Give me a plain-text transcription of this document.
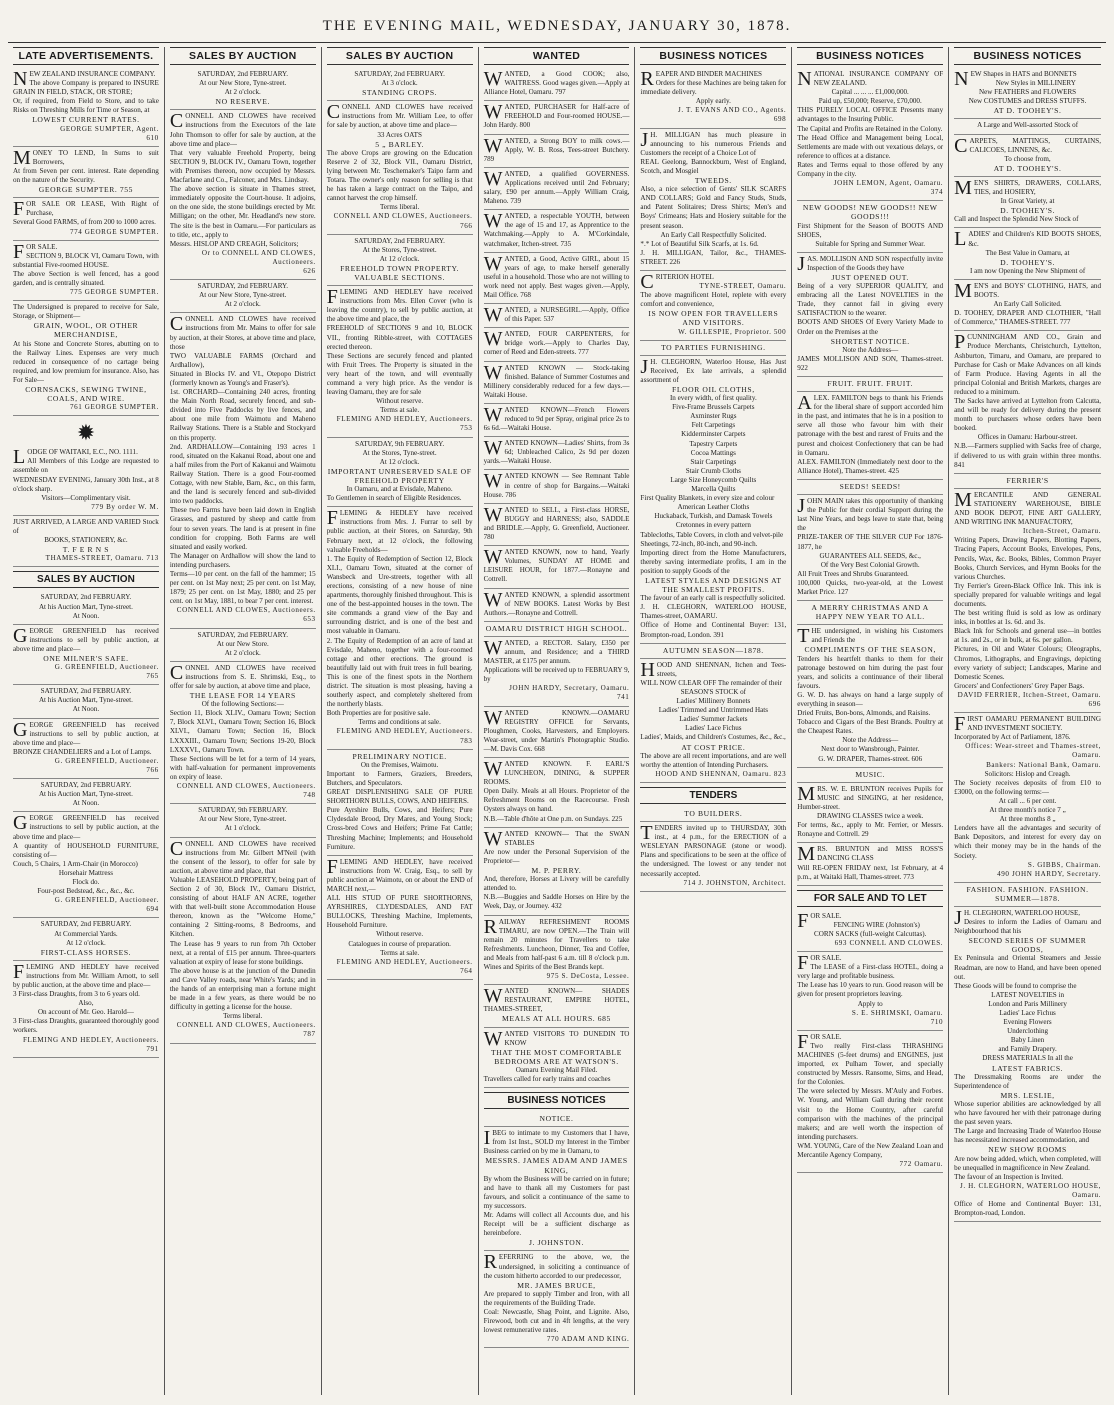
THE EVENING MAIL, WEDNESDAY, JANUARY 30, 1878.
LATE ADVERTISEMENTS.

NEW ZEALAND INSURANCE COMPANY.

The above Company is prepared to INSURE GRAIN IN FIELD, STACK, OR STORE;

Or, if required, from Field to Store, and to take Risks on Threshing Mills for Time or Season, at

LOWEST CURRENT RATES.

GEORGE SUMPTER, Agent.

610

MONEY TO LEND, In Sums to suit Borrowers,

At from Seven per cent. interest. Rate depending on the nature of the Security.

GEORGE SUMPTER. 755

FOR SALE OR LEASE, With Right of Purchase,

Several Good FARMS, of from 200 to 1000 acres.

774 GEORGE SUMPTER.

FOR SALE.

SECTION 9, BLOCK VI, Oamaru Town, with substantial Five-roomed HOUSE.

The above Section is well fenced, has a good garden, and is centrally situated.

775 GEORGE SUMPTER.

The Undersigned is prepared to receive for Sale, Storage, or Shipment—

GRAIN, WOOL, OR OTHER MERCHANDISE,

At his Stone and Concrete Stores, abutting on to the Railway Lines. Expenses are very much reduced in consequence of no cartage being required, and low premium for insurance. Also, has For Sale—

CORNSACKS, SEWING TWINE, COALS, AND WIRE.

761 GEORGE SUMPTER.

✹

LODGE OF WAITAKI, E.C., NO. 1111.

All Members of this Lodge are requested to assemble on

WEDNESDAY EVENING, January 30th Inst., at 8 o'clock sharp.

Visitors—Complimentary visit.

779 By order W. M.

JUST ARRIVED, A LARGE AND VARIED Stock of

BOOKS, STATIONERY, &c.

T. F E R N S

THAMES-STREET, Oamaru. 713

SALES BY AUCTION

SATURDAY, 2nd FEBRUARY.

At his Auction Mart, Tyne-street.

At Noon.

GEORGE GREENFIELD has received instructions to sell by public auction, at above time and place—

ONE MILNER'S SAFE.

G. GREENFIELD, Auctioneer.

765

SATURDAY, 2nd FEBRUARY.

At his Auction Mart, Tyne-street.

At Noon.

GEORGE GREENFIELD has received instructions to sell by public auction, at above time and place—

BRONZE CHANDELIERS and a Lot of Lamps.

G. GREENFIELD, Auctioneer.

766

SATURDAY, 2nd FEBRUARY.

At his Auction Mart, Tyne-street.

At Noon.

GEORGE GREENFIELD has received instructions to sell by public auction, at the above time and place—

A quantity of HOUSEHOLD FURNITURE, consisting of—

Couch, 5 Chairs, 1 Arm-Chair (in Morocco)

Horsehair Mattress

Flock do.

Four-post Bedstead, &c., &c., &c.

G. GREENFIELD, Auctioneer.

694

SATURDAY, 2nd FEBRUARY.

At Commercial Yards.

At 12 o'clock.

FIRST-CLASS HORSES.

FLEMING AND HEDLEY have received instructions from Mr. William Arnott, to sell by public auction, at the above time and place—

3 First-class Draughts, from 3 to 6 years old.

Also,

On account of Mr. Geo. Harold—

3 First-class Draughts, guaranteed thoroughly good workers.

FLEMING AND HEDLEY, Auctioneers.

791

SALES BY AUCTION

SATURDAY, 2nd FEBRUARY.

At our New Store, Tyne-street.

At 2 o'clock.

NO RESERVE.

CONNELL AND CLOWES have received instructions from the Executors of the late John Thomson to offer for sale by auction, at the above time and place—

That very valuable Freehold Property, being SECTION 9, BLOCK IV., Oamaru Town, together with Premises thereon, now occupied by Messrs. Macfarlane and Co., Falconer, and Mrs. Lindsay.

The above section is situate in Thames street, immediately opposite the Court-house. It adjoins, on the one side, the stone buildings erected by Mr. Milligan; on the other, Mr. Headland's new store. The site is the best in Oamaru.—For particulars as to title, etc., apply to

Messrs. HISLOP AND CREAGH, Solicitors;

Or to CONNELL AND CLOWES, Auctioneers.

626

SATURDAY, 2nd FEBRUARY.

At our New Store, Tyne-street.

At 2 o'clock.

CONNELL AND CLOWES have received instructions from Mr. Mains to offer for sale by auction, at their Stores, at above time and place, those

TWO VALUABLE FARMS (Orchard and Ardhallow),

Situated in Blocks IV. and VI., Otepopo District (formerly known as Young's and Fraser's).

1st. ORCHARD—Containing 240 acres, fronting the Main North Road, securely fenced, and sub-divided into Five Paddocks by live fences, and about one mile from Waimotu and Maheno Railway Stations. There is a Stable and Stockyard on this property.

2nd. ARDHALLOW—Containing 193 acres 1 rood, situated on the Kakanui Road, about one and a half miles from the Port of Kakanui and Waimotu Railway Station. There is a good Four-roomed Cottage, with new Stable, Barn, &c., on this farm, and the land is securely fenced and sub-divided into two paddocks.

These two Farms have been laid down in English Grasses, and pastured by sheep and cattle from four to seven years. The land is at present in fine condition for cropping. Both Farms are well situated and easily worked.

The Manager on Ardhallow will show the land to intending purchasers.

Terms—10 per cent. on the fall of the hammer; 15 per cent. on 1st May next; 25 per cent. on 1st May, 1879; 25 per cent. on 1st May, 1880; and 25 per cent. on 1st May, 1881, to bear 7 per cent. interest.

CONNELL AND CLOWES, Auctioneers.

653

SATURDAY, 2nd FEBRUARY.

At our New Store.

At 2 o'clock.

CONNEL AND CLOWES have received instructions from S. E. Shrimski, Esq., to offer for sale by auction, at above time and place,

THE LEASE FOR 14 YEARS

Of the following Sections:—

Section 11, Block XLIV., Oamaru Town; Section 7, Block XLVI., Oamaru Town; Section 16, Block XLVI., Oamaru Town; Section 16, Block LXXXIII., Oamaru Town; Sections 19-20, Block LXXXVI., Oamaru Town.

These Sections will be let for a term of 14 years, with half-valuation for permanent improvements on expiry of lease.

CONNELL AND CLOWES, Auctioneers.

748

SATURDAY, 9th FEBRUARY.

At our New Store, Tyne-street.

At 1 o'clock.

CONNELL AND CLOWES have received instructions from Mr. Gilbert M'Neil (with the consent of the lessor), to offer for sale by auction, at above time and place, that

Valuable LEASEHOLD PROPERTY, being part of Section 2 of 30, Block IV., Oamaru District, consisting of about HALF AN ACRE, together with that well-built stone Accommodation House thereon, known as the "Welcome Home," containing 2 Sitting-rooms, 8 Bedrooms, and Kitchen.

The Lease has 9 years to run from 7th October next, at a rental of £15 per annum. Three-quarters valuation at expiry of lease for stone buildings.

The above house is at the junction of the Dunedin and Cave Valley roads, near White's Yards; and in the hands of an enterprising man a fortune might be made in a few years, as there would be no difficulty in getting a license for the house.

Terms liberal.

CONNELL AND CLOWES, Auctioneers.

787

SALES BY AUCTION

SATURDAY, 2nd FEBRUARY.

At 3 o'clock.

STANDING CROPS.

CONNELL AND CLOWES have received instructions from Mr. William Lee, to offer for sale by auction, at above time and place—

33 Acres OATS

5 „ BARLEY.

The above Crops are growing on the Education Reserve 2 of 32, Block VII., Oamaru District, lying between Mr. Teschemaker's Taipo farm and Totara. The owner's only reason for selling is that he has taken a large contract on the Taipo, and cannot harvest the crop himself.

Terms liberal.

CONNELL AND CLOWES, Auctioneers.

766

SATURDAY, 2nd FEBRUARY.

At the Stores, Tyne-street.

At 12 o'clock.

FREEHOLD TOWN PROPERTY.

VALUABLE SECTIONS.

FLEMING AND HEDLEY have received instructions from Mrs. Ellen Cover (who is leaving the country), to sell by public auction, at the above time and place, the

FREEHOLD of SECTIONS 9 and 10, BLOCK VII., fronting Ribble-street, with COTTAGES erected thereon.

These Sections are securely fenced and planted with Fruit Trees. The Property is situated in the very heart of the town, and will eventually command a very high price. As the vendor is leaving Oamaru, they are for sale

Without reserve.

Terms at sale.

FLEMING AND HEDLEY, Auctioneers.

753

SATURDAY, 9th FEBRUARY.

At the Stores, Tyne-street.

At 12 o'clock.

IMPORTANT UNRESERVED SALE OF FREEHOLD PROPERTY

In Oamaru, and at Evisdale, Maheno.

To Gentlemen in search of Eligible Residences.

FLEMING & HEDLEY have received instructions from Mrs. J. Furrar to sell by public auction, at their Stores, on Saturday, 9th February next, at 12 o'clock, the following valuable Freeholds—

1. The Equity of Redemption of Section 12, Block XLI., Oamaru Town, situated at the corner of Wansbeck and Ure-streets, together with all erections, consisting of a new house of nine apartments, thoroughly finished throughout. This is one of the best-appointed houses in the town. The site commands a grand view of the Bay and surrounding district, and is one of the best and most valuable in Oamaru.

2. The Equity of Redemption of an acre of land at Evisdale, Maheno, together with a four-roomed cottage and other erections. The ground is beautifully laid out with fruit trees in full bearing. This is one of the finest spots in the Northern district. The situation is most pleasing, having a southerly aspect, and completely sheltered from the northerly blasts.

Both Properties are for positive sale.

Terms and conditions at sale.

FLEMING AND HEDLEY, Auctioneers.

783

PRELIMINARY NOTICE.

On the Premises, Waimotu.

Important to Farmers, Graziers, Breeders, Butchers, and Speculators.

GREAT DISPLENISHING SALE OF PURE SHORTHORN BULLS, COWS, AND HEIFERS.

Pure Ayrshire Bulls, Cows, and Heifers; Pure Clydesdale Brood, Dry Mares, and Young Stock; Cross-bred Cows and Heifers; Prime Fat Cattle; Threshing Machine; Implements; and Household Furniture.

FLEMING AND HEDLEY, have received instructions from W. Craig, Esq., to sell by public auction at Waimotu, on or about the END of MARCH next,—

ALL HIS STUD OF PURE SHORTHORNS, AYRSHIRES, CLYDESDALES, AND FAT BULLOCKS, Threshing Machine, Implements, Household Furniture.

Without reserve.

Catalogues in course of preparation.

Terms at sale.

FLEMING AND HEDLEY, Auctioneers.

764

WANTED

WANTED, a Good COOK; also, WAITRESS. Good wages given.—Apply at Alliance Hotel, Oamaru. 797

WANTED, PURCHASER for Half-acre of FREEHOLD and Four-roomed HOUSE.—John Hardy. 800

WANTED, a Strong BOY to milk cows.—Apply, W. B. Ross, Tees-street Butchery. 789

WANTED, a qualified GOVERNESS. Applications received until 2nd February; salary, £90 per annum.—Apply William Craig, Maheno. 739

WANTED, a respectable YOUTH, between the age of 15 and 17, as Apprentice to the Watchmaking.—Apply to A. M'Corkindale, watchmaker, Itchen-street. 735

WANTED, a Good, Active GIRL, about 15 years of age, to make herself generally useful in a household. Those who are not willing to work need not apply. Best wages given.—Apply, Mail Office. 768

WANTED, a NURSEGIRL.—Apply, Office of this Paper. 537

WANTED, FOUR CARPENTERS, for bridge work.—Apply to Charles Day, corner of Reed and Eden-streets. 777

WANTED KNOWN — Stock-taking finished. Balance of Summer Costumes and Millinery considerably reduced for a few days.—Waitaki House.

WANTED KNOWN—French Flowers reduced to 9d per Spray, original price 2s to 6s 6d.—Waitaki House.

WANTED KNOWN—Ladies' Shirts, from 3s 6d; Unbleached Calico, 2s 9d per dozen yards.—Waitaki House.

WANTED KNOWN — See Remnant Table in centre of shop for Bargains.—Waitaki House. 786

WANTED to SELL, a First-class HORSE, BUGGY and HARNESS; also, SADDLE and BRIDLE.—Apply, G. Greenfield, Auctioneer. 780

WANTED KNOWN, now to hand, Yearly Volumes, SUNDAY AT HOME and LEISURE HOUR, for 1877.—Ronayne and Cottrell.

WANTED KNOWN, a splendid assortment of NEW BOOKS. Latest Works by Best Authors.—Ronayne and Cottrell.

OAMARU DISTRICT HIGH SCHOOL.

WANTED, a RECTOR. Salary, £350 per annum, and Residence; and a THIRD MASTER, at £175 per annum.

Applications will be received up to FEBRUARY 9, by

JOHN HARDY, Secretary, Oamaru.

741

WANTED KNOWN.—OAMARU REGISTRY OFFICE for Servants, Ploughmen, Cooks, Harvesters, and Employers. Wear-street, under Martin's Photographic Studio.—M. Davis Cox. 668

WANTED KNOWN. F. EARL'S LUNCHEON, DINING, & SUPPER ROOMS.

Open Daily. Meals at all Hours. Proprietor of the Refreshment Rooms on the Racecourse. Fresh Oysters always on hand.

N.B.—Table d'hôte at One p.m. on Sundays. 225

WANTED KNOWN— That the SWAN STABLES

Are now under the Personal Supervision of the Proprietor—

M. P. PERRY.

And, therefore, Horses at Livery will be carefully attended to.

N.B.—Buggies and Saddle Horses on Hire by the Week, Day, or Journey. 432

RAILWAY REFRESHMENT ROOMS TIMARU, are now OPEN.—The Train will remain 20 minutes for Travellers to take Refreshments. Luncheon, Dinner, Tea and Coffee, and Meals from half-past 6 a.m. till 8 o'clock p.m. Wines and Spirits of the Best Brands kept.

975 S. DeCosta, Lessee.

WANTED KNOWN— SHADES RESTAURANT, EMPIRE HOTEL, THAMES-STREET,

MEALS AT ALL HOURS. 685

WANTED VISITORS TO DUNEDIN TO KNOW

THAT THE MOST COMFORTABLE BEDROOMS ARE AT WATSON'S.

Oamaru Evening Mail Filed.

Travellers called for early trains and coaches

BUSINESS NOTICES

NOTICE.

IBEG to intimate to my Customers that I have, from 1st Inst., SOLD my Interest in the Timber Business carried on by me in Oamaru, to

MESSRS. JAMES ADAM AND JAMES KING,

By whom the Business will be carried on in future; and have to thank all my Customers for past favours, and solicit a continuance of the same to my successors.

Mr. Adams will collect all Accounts due, and his Receipt will be a sufficient discharge as hereinbefore.

J. JOHNSTON.

REFERRING to the above, we, the undersigned, in soliciting a continuance of the custom hitherto accorded to our predecessor,

MR. JAMES BRUCE,

Are prepared to supply Timber and Iron, with all the requirements of the Building Trade.

Coal: Newcastle, Shag Point, and Lignite. Also, Firewood, both cut and in 4ft lengths, at the very lowest remunerative rates.

770 ADAM AND KING.

BUSINESS NOTICES

REAPER AND BINDER MACHINES

Orders for these Machines are being taken for immediate delivery.

Apply early.

J. T. EVANS AND CO., Agents.

698

J H. MILLIGAN has much pleasure in announcing to his numerous Friends and Customers the receipt of a Choice Lot of

REAL Geelong, Bannockburn, West of England, Scotch, and Mosgiel

TWEEDS.

Also, a nice selection of Gents' SILK SCARFS AND COLLARS; Gold and Fancy Studs, Studs, and Patent Solitaires; Dress Shirts; Men's and Boys' Crimeans; Hats and Hosiery suitable for the present season.

An Early Call Respectfully Solicited.

*.* Lot of Beautiful Silk Scarfs, at 1s. 6d.

J. H. MILLIGAN, Tailor, &c., THAMES-STREET. 226

CRITERION HOTEL

TYNE-STREET, Oamaru.

The above magnificent Hotel, replete with every comfort and convenience,

IS NOW OPEN FOR TRAVELLERS AND VISITORS.

W. GILLESPIE, Proprietor. 500

TO PARTIES FURNISHING.

J H. CLEGHORN, Waterloo House, Has Just Received, Ex late arrivals, a splendid assortment of

FLOOR OIL CLOTHS,

In every width, of first quality.

Five-Frame Brussels Carpets

Axminster Rugs

Felt Carpetings

Kidderminster Carpets

Tapestry Carpets

Cocoa Mattings

Stair Carpetings

Stair Crumb Cloths

Large Size Honeycomb Quilts

Marcella Quilts

First Quality Blankets, in every size and colour

American Leather Cloths

Huckaback, Turkish, and Damask Towels

Cretonnes in every pattern

Tablecloths, Table Covers, in cloth and velvet-pile

Sheetings, 72-inch, 80-inch, and 90-inch.

Importing direct from the Home Manufacturers, thereby saving intermediate profits, I am in the position to supply Goods of the

LATEST STYLES AND DESIGNS AT THE SMALLEST PROFITS.

The favour of an early call is respectfully solicited.

J. H. CLEGHORN, WATERLOO HOUSE, Thames-street, OAMARU.

Office of Home and Continental Buyer: 131, Brompton-road, London. 391

AUTUMN SEASON—1878.

HOOD AND SHENNAN, Itchen and Tees-streets,

WILL NOW CLEAR OFF The remainder of their

SEASON'S STOCK of

Ladies' Millinery Bonnets

Ladies' Trimmed and Untrimmed Hats

Ladies' Summer Jackets

Ladies' Lace Fichus

Ladies', Maids, and Children's Costumes, &c., &c.,

AT COST PRICE.

The above are all recent importations, and are well worthy the attention of Intending Purchasers.

HOOD AND SHENNAN, Oamaru. 823

TENDERS

TO BUILDERS.

TENDERS invited up to THURSDAY, 30th inst., at 4 p.m., for the ERECTION of a WESLEYAN PARSONAGE (stone or wood). Plans and specifications to be seen at the office of the undersigned. The lowest or any tender not necessarily accepted.

714 J. JOHNSTON, Architect.

BUSINESS NOTICES

NATIONAL INSURANCE COMPANY OF NEW ZEALAND.

Capital ... ... ... £1,000,000.

Paid up, £50,000; Reserve, £70,000.

THIS PURELY LOCAL OFFICE Presents many advantages to the Insuring Public.

The Capital and Profits are Retained in the Colony.

The Head Office and Management being Local, Settlements are made with out vexatious delays, or reference to offices at a distance.

Rates and Terms equal to those offered by any Company in the city.

JOHN LEMON, Agent, Oamaru.

374

NEW GOODS! NEW GOODS!! NEW GOODS!!!

First Shipment for the Season of BOOTS AND SHOES,

Suitable for Spring and Summer Wear.

JAS. MOLLISON AND SON respectfully invite Inspection of the Goods they have

JUST OPENED OUT.

Being of a very SUPERIOR QUALITY, and embracing all the Latest NOVELTIES in the Trade, they cannot fail in giving every SATISFACTION to the wearer.

BOOTS AND SHOES Of Every Variety Made to Order on the Premises at the

SHORTEST NOTICE.

Note the Address—

JAMES MOLLISON AND SON, Thames-street. 922

FRUIT. FRUIT. FRUIT.

ALEX. FAMILTON begs to thank his Friends for the liberal share of support accorded him in the past, and intimates that he is in a position to serve all those who favour him with their patronage with the best and rarest of Fruits and the purest and choicest Confectionery that can be had in Oamaru.

ALEX. FAMILTON (Immediately next door to the Alliance Hotel), Thames-street. 425

SEEDS! SEEDS!

JOHN MAIN takes this opportunity of thanking the Public for their cordial Support during the last Nine Years, and begs leave to state that, being the

PRIZE-TAKER OF THE SILVER CUP For 1876-1877, he

GUARANTEES ALL SEEDS, &c.,

Of the Very Best Colonial Growth.

All Fruit Trees and Shrubs Guaranteed.

100,000 Quicks, two-year-old, at the Lowest Market Price. 127

A MERRY CHRISTMAS AND A HAPPY NEW YEAR TO ALL.

THE undersigned, in wishing his Customers and Friends the

COMPLIMENTS OF THE SEASON,

Tenders his heartfelt thanks to them for their patronage bestowed on him during the past four years, and solicits a continuance of their liberal favours.

G. W. D. has always on hand a large supply of everything in season—

Dried Fruits, Bon-bons, Almonds, and Raisins.

Tobacco and Cigars of the Best Brands. Poultry at the Cheapest Rates.

Note the Address—

Next door to Wansbrough, Painter.

G. W. DRAPER, Thames-street. 606

MUSIC.

MRS. W. E. BRUNTON receives Pupils for MUSIC and SINGING, at her residence, Humber-street.

DRAWING CLASSES twice a week.

For terms, &c., apply to Mr. Ferrier, or Messrs. Ronayne and Cottrell. 29

MRS. BRUNTON and MISS ROSS'S DANCING CLASS

Will RE-OPEN FRIDAY next, 1st February, at 4 p.m., at Waitaki Hall, Thames-street. 773

FOR SALE AND TO LET

FOR SALE.

FENCING WIRE (Johnston's)

CORN SACKS (full-weight Calcuttas).

693 CONNELL AND CLOWES.

FOR SALE.

The LEASE of a First-class HOTEL, doing a very large and profitable business.

The Lease has 10 years to run. Good reason will be given for present proprietors leaving.

Apply to

S. E. SHRIMSKI, Oamaru.

710

FOR SALE.

Two really First-class THRASHING MACHINES (5-feet drums) and ENGINES, just imported, ex Pulham Tower, and specially constructed by Messrs. Ransome, Sims, and Head, for the Colonies.

The were selected by Messrs. M'Auly and Forbes. W. Young, and William Gall during their recent visit to the Home Country, after careful comparison with the machines of the principal makers; and are well worth the inspection of intending purchasers.

WM. YOUNG, Care of the New Zealand Loan and Mercantile Agency Company,

772 Oamaru.

BUSINESS NOTICES

NEW Shapes in HATS and BONNETS

New Styles in MILLINERY

New FEATHERS and FLOWERS

New COSTUMES and DRESS STUFFS.

AT D. TOOHEY'S.

A Large and Well-assorted Stock of

CARPETS, MATTINGS, CURTAINS, CALICOES, LINNENS, &c.

To choose from,

AT D. TOOHEY'S.

MEN'S SHIRTS, DRAWERS, COLLARS, TIES, and HOSIERY,

In Great Variety, at

D. TOOHEY'S.

Call and Inspect the Splendid New Stock of

LADIES' and Children's KID BOOTS SHOES, &c.

The Best Value in Oamaru, at

D. TOOHEY'S.

I am now Opening the New Shipment of

MEN'S and BOYS' CLOTHING, HATS, and BOOTS.

An Early Call Solicited.

D. TOOHEY, DRAPER AND CLOTHIER, "Hall of Commerce," THAMES-STREET. 777

PCUNNINGHAM AND CO., Grain and Produce Merchants, Christchurch, Lyttelton, Ashburton, Timaru, and Oamaru, are prepared to Purchase for Cash or Make Advances on all kinds of Farm Produce. Having Agents in all the principal Colonial and British Markets, charges are reduced to a minimum.

The Sacks have arrived at Lyttelton from Calcutta, and will be ready for delivery during the present month to purchasers whose orders have been booked.

Offices in Oamaru: Harbour-street.

N.B.—Farmers supplied with Sacks free of charge, if delivered to us with grain within three months. 841

FERRIER'S

MERCANTILE AND GENERAL STATIONERY WAREHOUSE, BIBLE AND BOOK DEPOT, FINE ART GALLERY, AND WRITING INK MANUFACTORY,

Itchen-Street, Oamaru.

Writing Papers, Drawing Papers, Blotting Papers, Tracing Papers, Account Books, Envelopes, Pens, Pencils, Wax, &c. Books, Bibles, Common Prayer Books, Church Services, and Hymn Books for the various Churches.

Try Ferrier's Green-Black Office Ink. This ink is specially prepared for valuable writings and legal documents.

The best writing fluid is sold as low as ordinary inks, in bottles at 1s. 6d. and 3s.

Black Ink for Schools and general use—in bottles at 1s. and 2s., or in bulk, at 6s. per gallon.

Pictures, in Oil and Water Colours; Oleographs, Chromos, Lithographs, and Engravings, depicting every variety of subject; Landscapes, Marine and Domestic Scenes.

Grocers' and Confectioners' Grey Paper Bags.

DAVID FERRIER, Itchen-Street, Oamaru. 696

FIRST OAMARU PERMANENT BUILDING AND INVESTMENT SOCIETY.

Incorporated by Act of Parliament, 1876.

Offices: Wear-street and Thames-street, Oamaru.

Bankers: National Bank, Oamaru.

Solicitors: Hislop and Creagh.

The Society receives deposits of from £10 to £3000, on the following terms:—

At call ... 6 per cent.

At three month's notice 7 „

At three months 8 „

Lenders have all the advantages and security of Bank Depositors, and interest for every day on which their money may be in the hands of the Society.

S. GIBBS, Chairman.

490 JOHN HARDY, Secretary.

FASHION. FASHION. FASHION.

SUMMER—1878.

J H. CLEGHORN, WATERLOO HOUSE,

Desires to inform the Ladies of Oamaru and Neighbourhood that his

SECOND SERIES OF SUMMER GOODS,

Ex Peninsula and Oriental Steamers and Jessie Readman, are now to Hand, and have been opened out.

These Goods will be found to comprise the

LATEST NOVELTIES in

London and Paris Millinery

Ladies' Lace Fichus

Evening Flowers

Underclothing

Baby Linen

and Family Drapery.

DRESS MATERIALS In all the

LATEST FABRICS.

The Dressmaking Rooms are under the Superintendence of

MRS. LESLIE,

Whose superior abilities are acknowledged by all who have favoured her with their patronage during the past seven years.

The Large and Increasing Trade of Waterloo House has necessitated increased accommodation, and

NEW SHOW ROOMS

Are now being added, which, when completed, will be unequalled in magnificence in New Zealand.

The favour of an Inspection is Invited.

J. H. CLEGHORN, WATERLOO HOUSE, Oamaru.

Office of Home and Continental Buyer: 131, Brompton-road, London.
